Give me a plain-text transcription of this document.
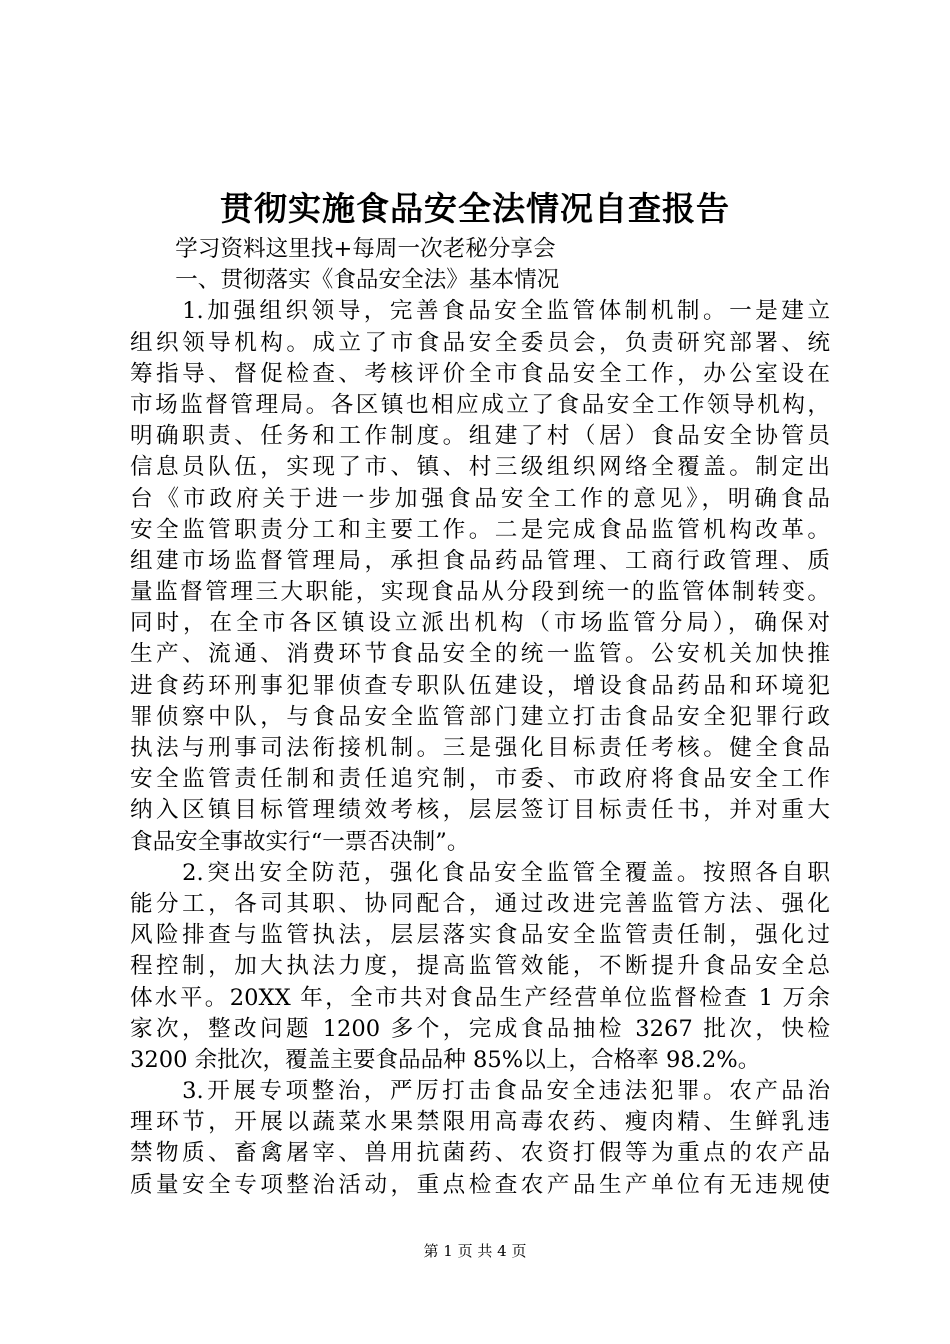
贯彻实施食品安全法情况自查报告
　　学习资料这里找+每周一次老秘分享会
　　一、贯彻落实《食品安全法》基本情况
　　1.加强组织领导，完善食品安全监管体制机制。一是建立
组织领导机构。成立了市食品安全委员会，负责研究部署、统
筹指导、督促检查、考核评价全市食品安全工作，办公室设在
市场监督管理局。各区镇也相应成立了食品安全工作领导机构，
明确职责、任务和工作制度。组建了村（居）食品安全协管员
信息员队伍，实现了市、镇、村三级组织网络全覆盖。制定出
台《市政府关于进一步加强食品安全工作的意见》，明确食品
安全监管职责分工和主要工作。二是完成食品监管机构改革。
组建市场监督管理局，承担食品药品管理、工商行政管理、质
量监督管理三大职能，实现食品从分段到统一的监管体制转变。
同时，在全市各区镇设立派出机构（市场监管分局），确保对
生产、流通、消费环节食品安全的统一监管。公安机关加快推
进食药环刑事犯罪侦查专职队伍建设，增设食品药品和环境犯
罪侦察中队，与食品安全监管部门建立打击食品安全犯罪行政
执法与刑事司法衔接机制。三是强化目标责任考核。健全食品
安全监管责任制和责任追究制，市委、市政府将食品安全工作
纳入区镇目标管理绩效考核，层层签订目标责任书，并对重大
食品安全事故实行“一票否决制”。
　　2.突出安全防范，强化食品安全监管全覆盖。按照各自职
能分工，各司其职、协同配合，通过改进完善监管方法、强化
风险排查与监管执法，层层落实食品安全监管责任制，强化过
程控制，加大执法力度，提高监管效能，不断提升食品安全总
体水平。20XX 年，全市共对食品生产经营单位监督检查 1 万余
家次，整改问题 1200 多个，完成食品抽检 3267 批次，快检
3200 余批次，覆盖主要食品品种 85%以上，合格率 98.2%。
　　3.开展专项整治，严厉打击食品安全违法犯罪。农产品治
理环节，开展以蔬菜水果禁限用高毒农药、瘦肉精、生鲜乳违
禁物质、畜禽屠宰、兽用抗菌药、农资打假等为重点的农产品
质量安全专项整治活动，重点检查农产品生产单位有无违规使
第 1 页 共 4 页
